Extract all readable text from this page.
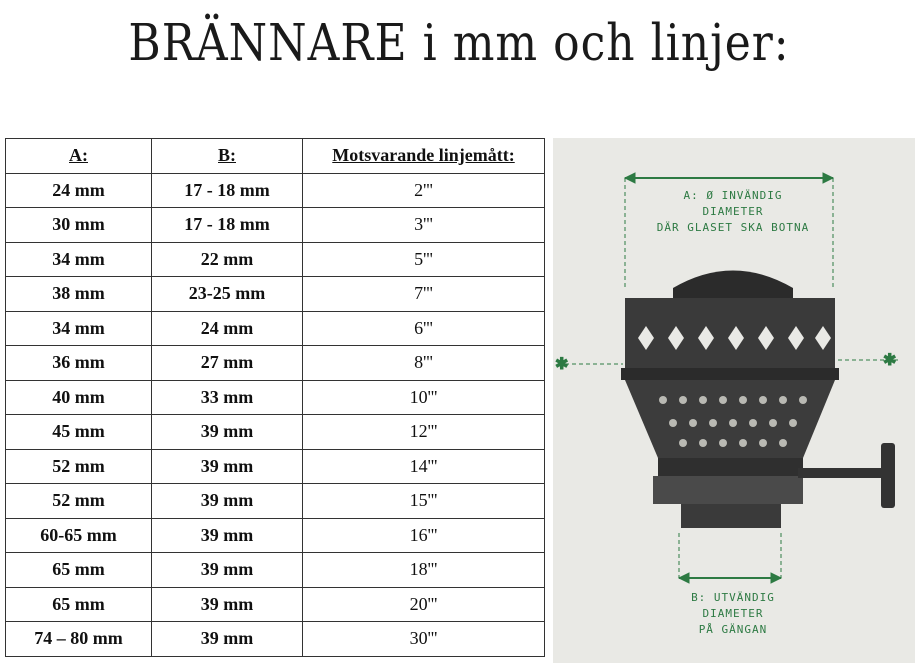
BRÄNNARE i mm och linjer:
A:	B:	Motsvarande linjemått:
24 mm	17 - 18 mm	2'''
30 mm	17 - 18 mm	3'''
34 mm	22 mm	5'''
38 mm	23-25 mm	7'''
34 mm	24 mm	6'''
36 mm	27 mm	8'''
40 mm	33 mm	10'''
45 mm	39 mm	12'''
52 mm	39 mm	14'''
52 mm	39 mm	15'''
60-65 mm	39 mm	16'''
65 mm	39 mm	18'''
65 mm	39 mm	20'''
74 – 80 mm	39 mm	30'''
✱	✱
A: Ø INVÄNDIG
DIAMETER
DÄR GLASET SKA BOTNA
B: UTVÄNDIG
DIAMETER
PÅ GÄNGAN
